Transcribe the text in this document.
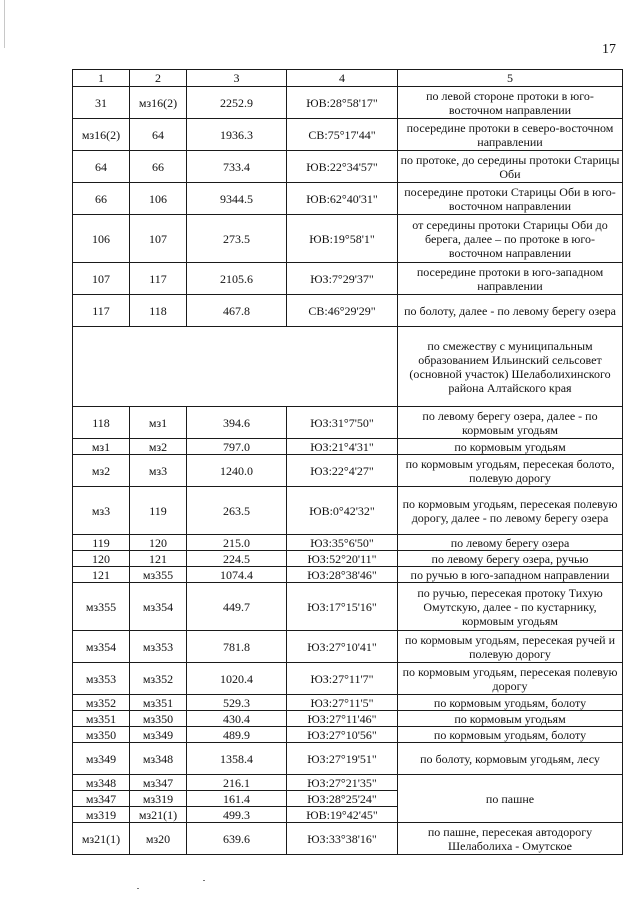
17
1	2	3	4	5
31	мз16(2)	2252.9	ЮВ:28°58'17"	по левой стороне протоки в юго-восточном направлении
мз16(2)	64	1936.3	СВ:75°17'44"	посередине протоки в северо-восточном направлении
64	66	733.4	ЮВ:22°34'57"	по протоке, до середины протоки Старицы Оби
66	106	9344.5	ЮВ:62°40'31"	посередине протоки Старицы Оби в юго-восточном направлении
106	107	273.5	ЮВ:19°58'1"	от середины протоки Старицы Оби до берега, далее – по протоке в юго-восточном направлении
107	117	2105.6	ЮЗ:7°29'37"	посередине протоки в юго-западном направлении
117	118	467.8	СВ:46°29'29"	по болоту, далее - по левому берегу озера
				по смежеству с муниципальным образованием Ильинский сельсовет (основной участок) Шелаболихинского района Алтайского края
118	мз1	394.6	ЮЗ:31°7'50"	по левому берегу озера, далее - по кормовым угодьям
мз1	мз2	797.0	ЮЗ:21°4'31"	по кормовым угодьям
мз2	мз3	1240.0	ЮЗ:22°4'27"	по кормовым угодьям, пересекая болото, полевую дорогу
мз3	119	263.5	ЮВ:0°42'32"	по кормовым угодьям, пересекая полевую дорогу, далее - по левому берегу озера
119	120	215.0	ЮЗ:35°6'50"	по левому берегу озера
120	121	224.5	ЮЗ:52°20'11"	по левому берегу озера, ручью
121	мз355	1074.4	ЮЗ:28°38'46"	по ручью в юго-западном направлении
мз355	мз354	449.7	ЮЗ:17°15'16"	по ручью, пересекая протоку Тихую Омутскую, далее - по кустарнику, кормовым угодьям
мз354	мз353	781.8	ЮЗ:27°10'41"	по кормовым угодьям, пересекая ручей и полевую дорогу
мз353	мз352	1020.4	ЮЗ:27°11'7"	по кормовым угодьям, пересекая полевую дорогу
мз352	мз351	529.3	ЮЗ:27°11'5"	по кормовым угодьям, болоту
мз351	мз350	430.4	ЮЗ:27°11'46"	по кормовым угодьям
мз350	мз349	489.9	ЮЗ:27°10'56"	по кормовым угодьям, болоту
мз349	мз348	1358.4	ЮЗ:27°19'51"	по болоту, кормовым угодьям, лесу
мз348	мз347	216.1	ЮЗ:27°21'35"	по пашне
мз347	мз319	161.4	ЮЗ:28°25'24"	
мз319	мз21(1)	499.3	ЮВ:19°42'45"	
мз21(1)	мз20	639.6	ЮЗ:33°38'16"	по пашне, пересекая автодорогу Шелаболиха - Омутское
